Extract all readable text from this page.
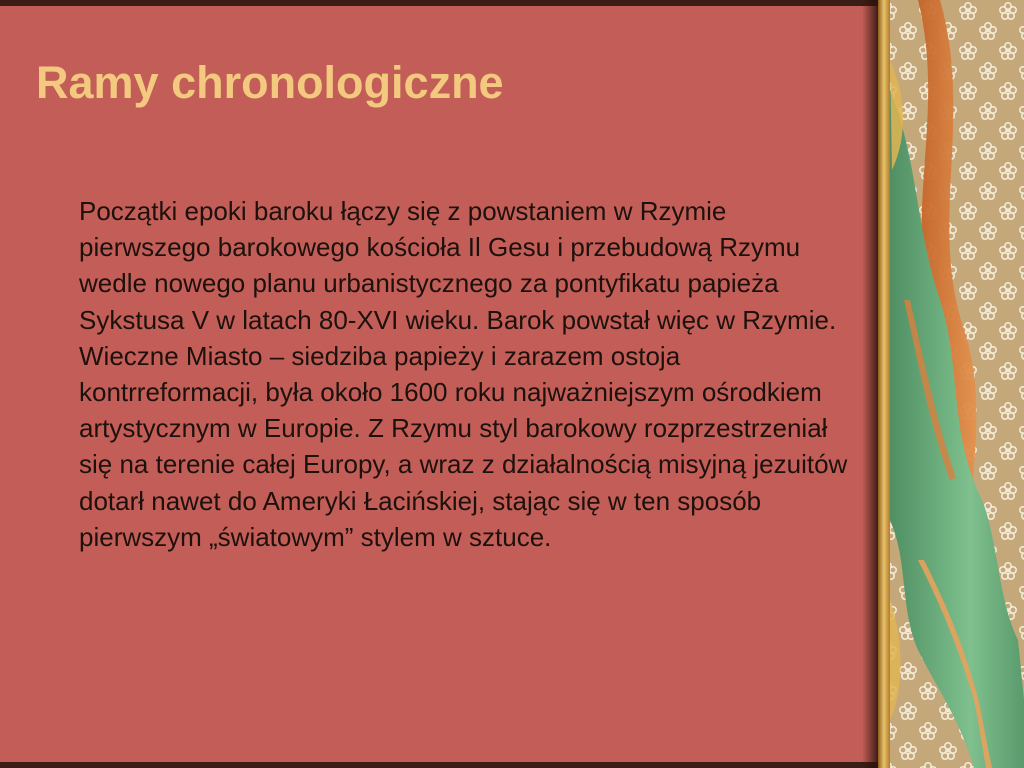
Ramy chronologiczne

Początki epoki baroku łączy się z powstaniem w Rzymie pierwszego barokowego kościoła Il Gesu i przebudową Rzymu wedle nowego planu urbanistycznego za pontyfikatu papieża Sykstusa V w latach 80-XVI wieku. Barok powstał więc w Rzymie. Wieczne Miasto – siedziba papieży i zarazem ostoja kontrreformacji, była około 1600 roku najważniejszym ośrodkiem artystycznym w Europie. Z Rzymu styl barokowy rozprzestrzeniał się na terenie całej Europy, a wraz z działalnością misyjną jezuitów dotarł nawet do Ameryki Łacińskiej, stając się w ten sposób pierwszym „światowym” stylem w sztuce.
